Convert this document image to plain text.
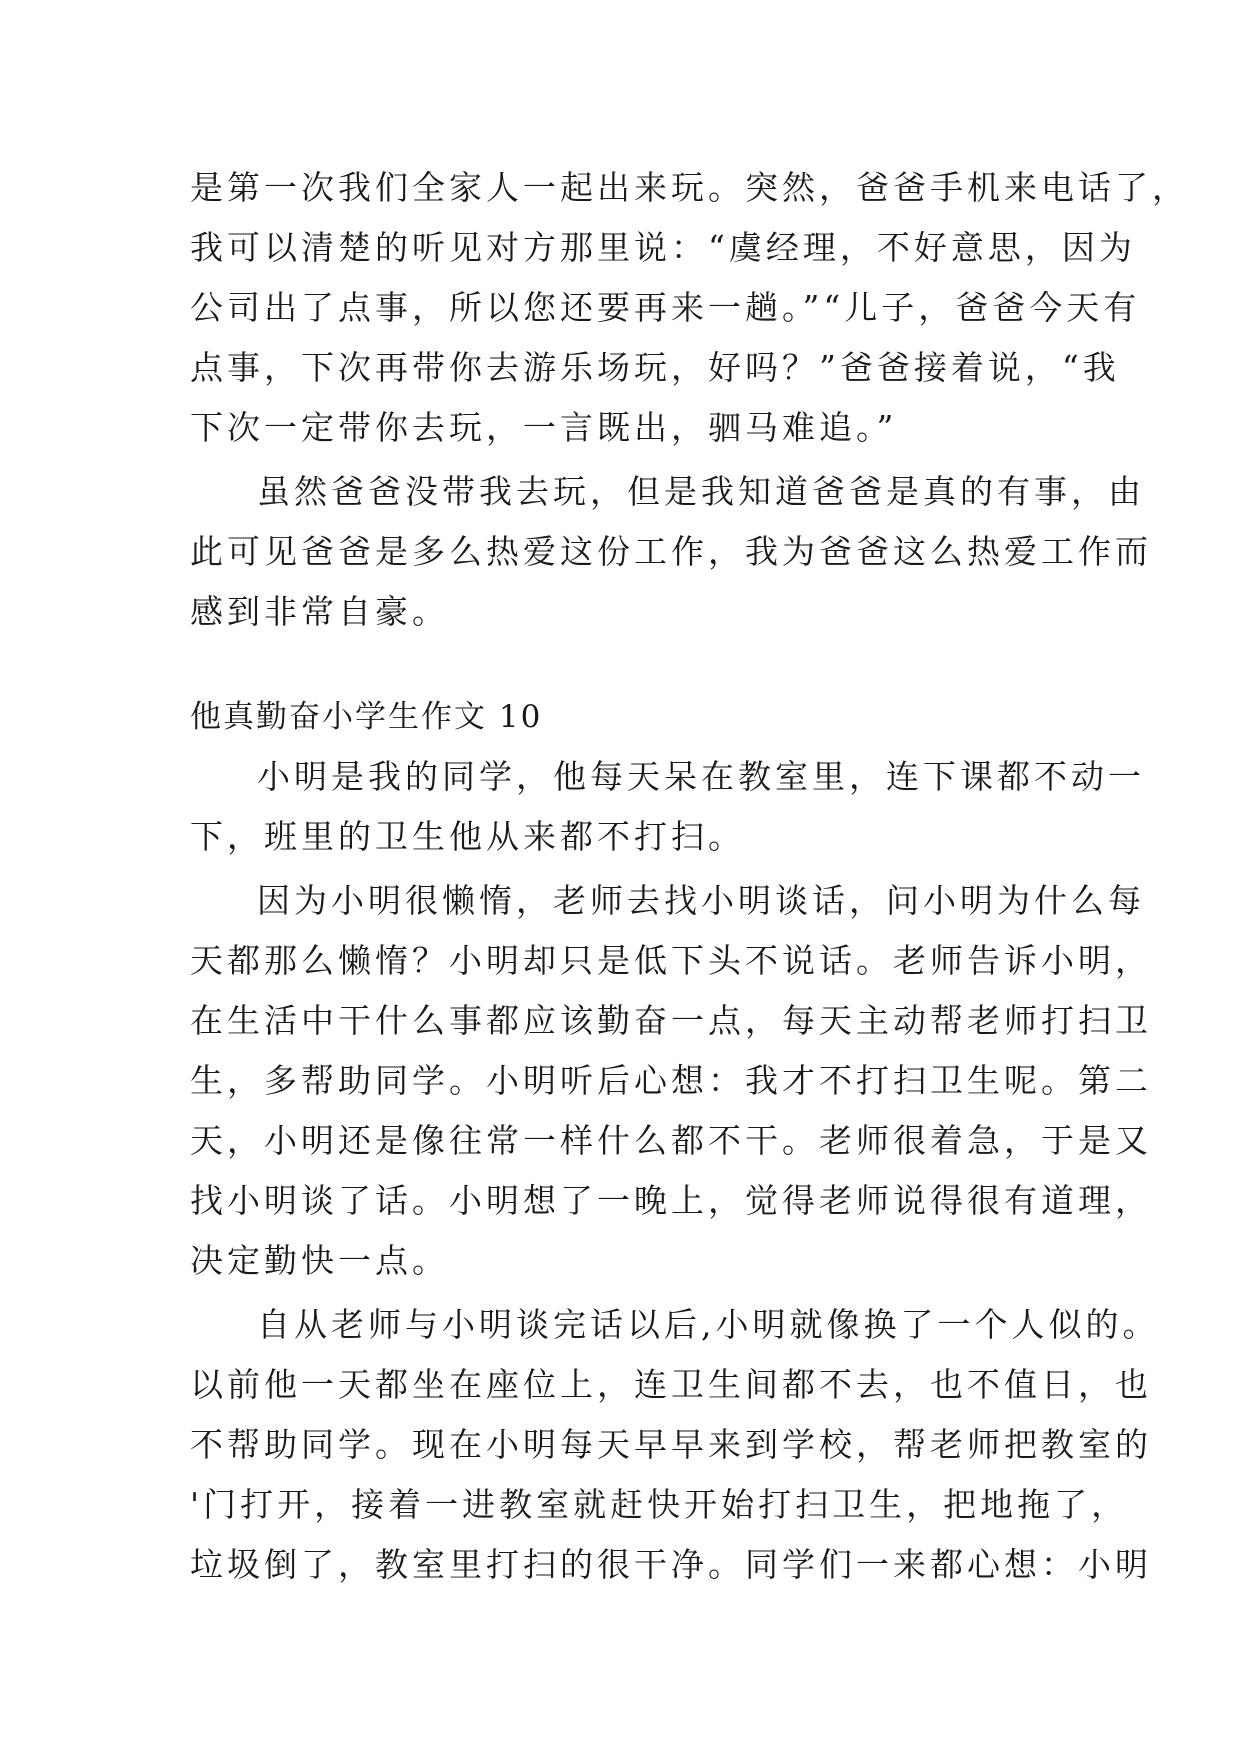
是第一次我们全家人一起出来玩。突然，爸爸手机来电话了，
我可以清楚的听见对方那里说：“虞经理，不好意思，因为
公司出了点事，所以您还要再来一趟。”“儿子，爸爸今天有
点事，下次再带你去游乐场玩，好吗？”爸爸接着说，“我
下次一定带你去玩，一言既出，驷马难追。”
虽然爸爸没带我去玩，但是我知道爸爸是真的有事，由
此可见爸爸是多么热爱这份工作，我为爸爸这么热爱工作而
感到非常自豪。
他真勤奋小学生作文 10
小明是我的同学，他每天呆在教室里，连下课都不动一
下，班里的卫生他从来都不打扫。
因为小明很懒惰，老师去找小明谈话，问小明为什么每
天都那么懒惰？小明却只是低下头不说话。老师告诉小明，
在生活中干什么事都应该勤奋一点，每天主动帮老师打扫卫
生，多帮助同学。小明听后心想：我才不打扫卫生呢。第二
天，小明还是像往常一样什么都不干。老师很着急，于是又
找小明谈了话。小明想了一晚上，觉得老师说得很有道理，
决定勤快一点。
自从老师与小明谈完话以后,小明就像换了一个人似的。
以前他一天都坐在座位上，连卫生间都不去，也不值日，也
不帮助同学。现在小明每天早早来到学校，帮老师把教室的
'门打开，接着一进教室就赶快开始打扫卫生，把地拖了，
垃圾倒了，教室里打扫的很干净。同学们一来都心想：小明
